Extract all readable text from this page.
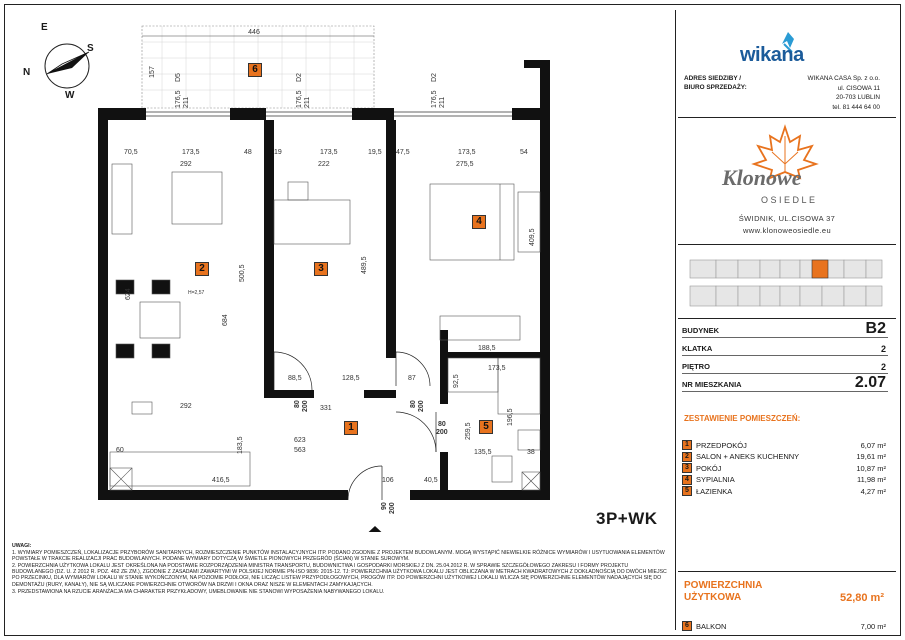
446
157	D5
176,5 211
D2
176,5 211
D2
176,5 211
70,5	173,5	48	19	173,5	19,5 47,5	173,5	54
292	222	275,5
500,5
684
624
292
H=2,57
489,5
88,5	128,5
331
409,5
188,5
173,5
92,5
196,5
259,5
135,5	38
623
563
183,5
60
416,5	106	40,5
87
80 200	80 200
80
200
90 200
E
S
N
W
1
2	3
4
5
6
3P+WK

UWAGI:

1. WYMIARY POMIESZCZEŃ, LOKALIZACJE PRZYBORÓW SANITARNYCH, ROZMIESZCZENIE PUNKTÓW INSTALACYJNYCH ITP. PODANO ZGODNIE Z PROJEKTEM BUDOWLANYM. MOGĄ WYSTĄPIĆ NIEWIELKIE RÓŻNICE WYMIARÓW I USYTUOWANIA ELEMENTÓW POWSTAŁE W TRAKCIE REALIZACJI PRAC BUDOWLANYCH. PODANE WYMIARY DOTYCZĄ W ŚWIETLE PIONOWYCH PRZEGRÓD (ŚCIAN) W STANIE SUROWYM.

2. POWIERZCHNIA UŻYTKOWA LOKALU JEST OKREŚLONA NA PODSTAWIE ROZPORZĄDZENIA MINISTRA TRANSPORTU, BUDOWNICTWA I GOSPODARKI MORSKIEJ Z DN. 25.04.2012 R. W SPRAWIE SZCZEGÓŁOWEGO ZAKRESU I FORMY PROJEKTU BUDOWLANEGO (DZ. U. Z 2012 R. POZ. 462 ZE ZM.), ZGODNIE Z ZASADAMI ZAWARTYMI W POLSKIEJ NORMIE PN-ISO 9836: 2015-12. TJ: POWIERZCHNIA UŻYTKOWA LOKALU JEST OBLICZANA W METRACH KWADRATOWYCH Z DOKŁADNOŚCIĄ DO DWÓCH MIEJSC PO PRZECINKU, DLA WYMIARÓW LOKALU W STANIE WYKOŃCZONYM, NA POZIOMIE PODŁOGI, NIE LICZĄC LISTEW PRZYPODŁOGOWYCH, PROGÓW ITP. DO POWIERZCHNI UŻYTKOWEJ LOKALU WLICZA SIĘ POWIERZCHNIE ELEMENTÓW NADAJĄCYCH SIĘ DO DEMONTAŻU (RURY, KANAŁY), NIE SĄ WLICZANE POWIERZCHNIE OTWORÓW NA DRZWI I OKNA ORAZ NISZE W ELEMENTACH ZAMYKAJĄCYCH.

3. PRZEDSTAWIONA NA RZUCIE ARANŻACJA MA CHARAKTER PRZYKŁADOWY, UMEBLOWANIE NIE STANOWI WYPOSAŻENIA NABYWANEGO LOKALU.

wikana
ADRES SIEDZIBY /
BIURO SPRZEDAŻY:
WIKANA CASA Sp. z o.o.
ul. CISOWA 11
20-703 LUBLIN
tel. 81 444 64 00
Klonowe
OSIEDLE
ŚWIDNIK, UL.CISOWA 37
www.klonoweosiedle.eu
BUDYNEK	B2
KLATKA	2
PIĘTRO	2
NR MIESZKANIA	2.07
ZESTAWIENIE POMIESZCZEŃ:
1 PRZEDPOKÓJ	6,07 m²
2 SALON + ANEKS KUCHENNY	19,61 m²
3 POKÓJ	10,87 m²
4 SYPIALNIA	11,98 m²
5 ŁAZIENKA	4,27 m²
POWIERZCHNIA
UŻYTKOWA	52,80 m²
6 BALKON	7,00 m²
